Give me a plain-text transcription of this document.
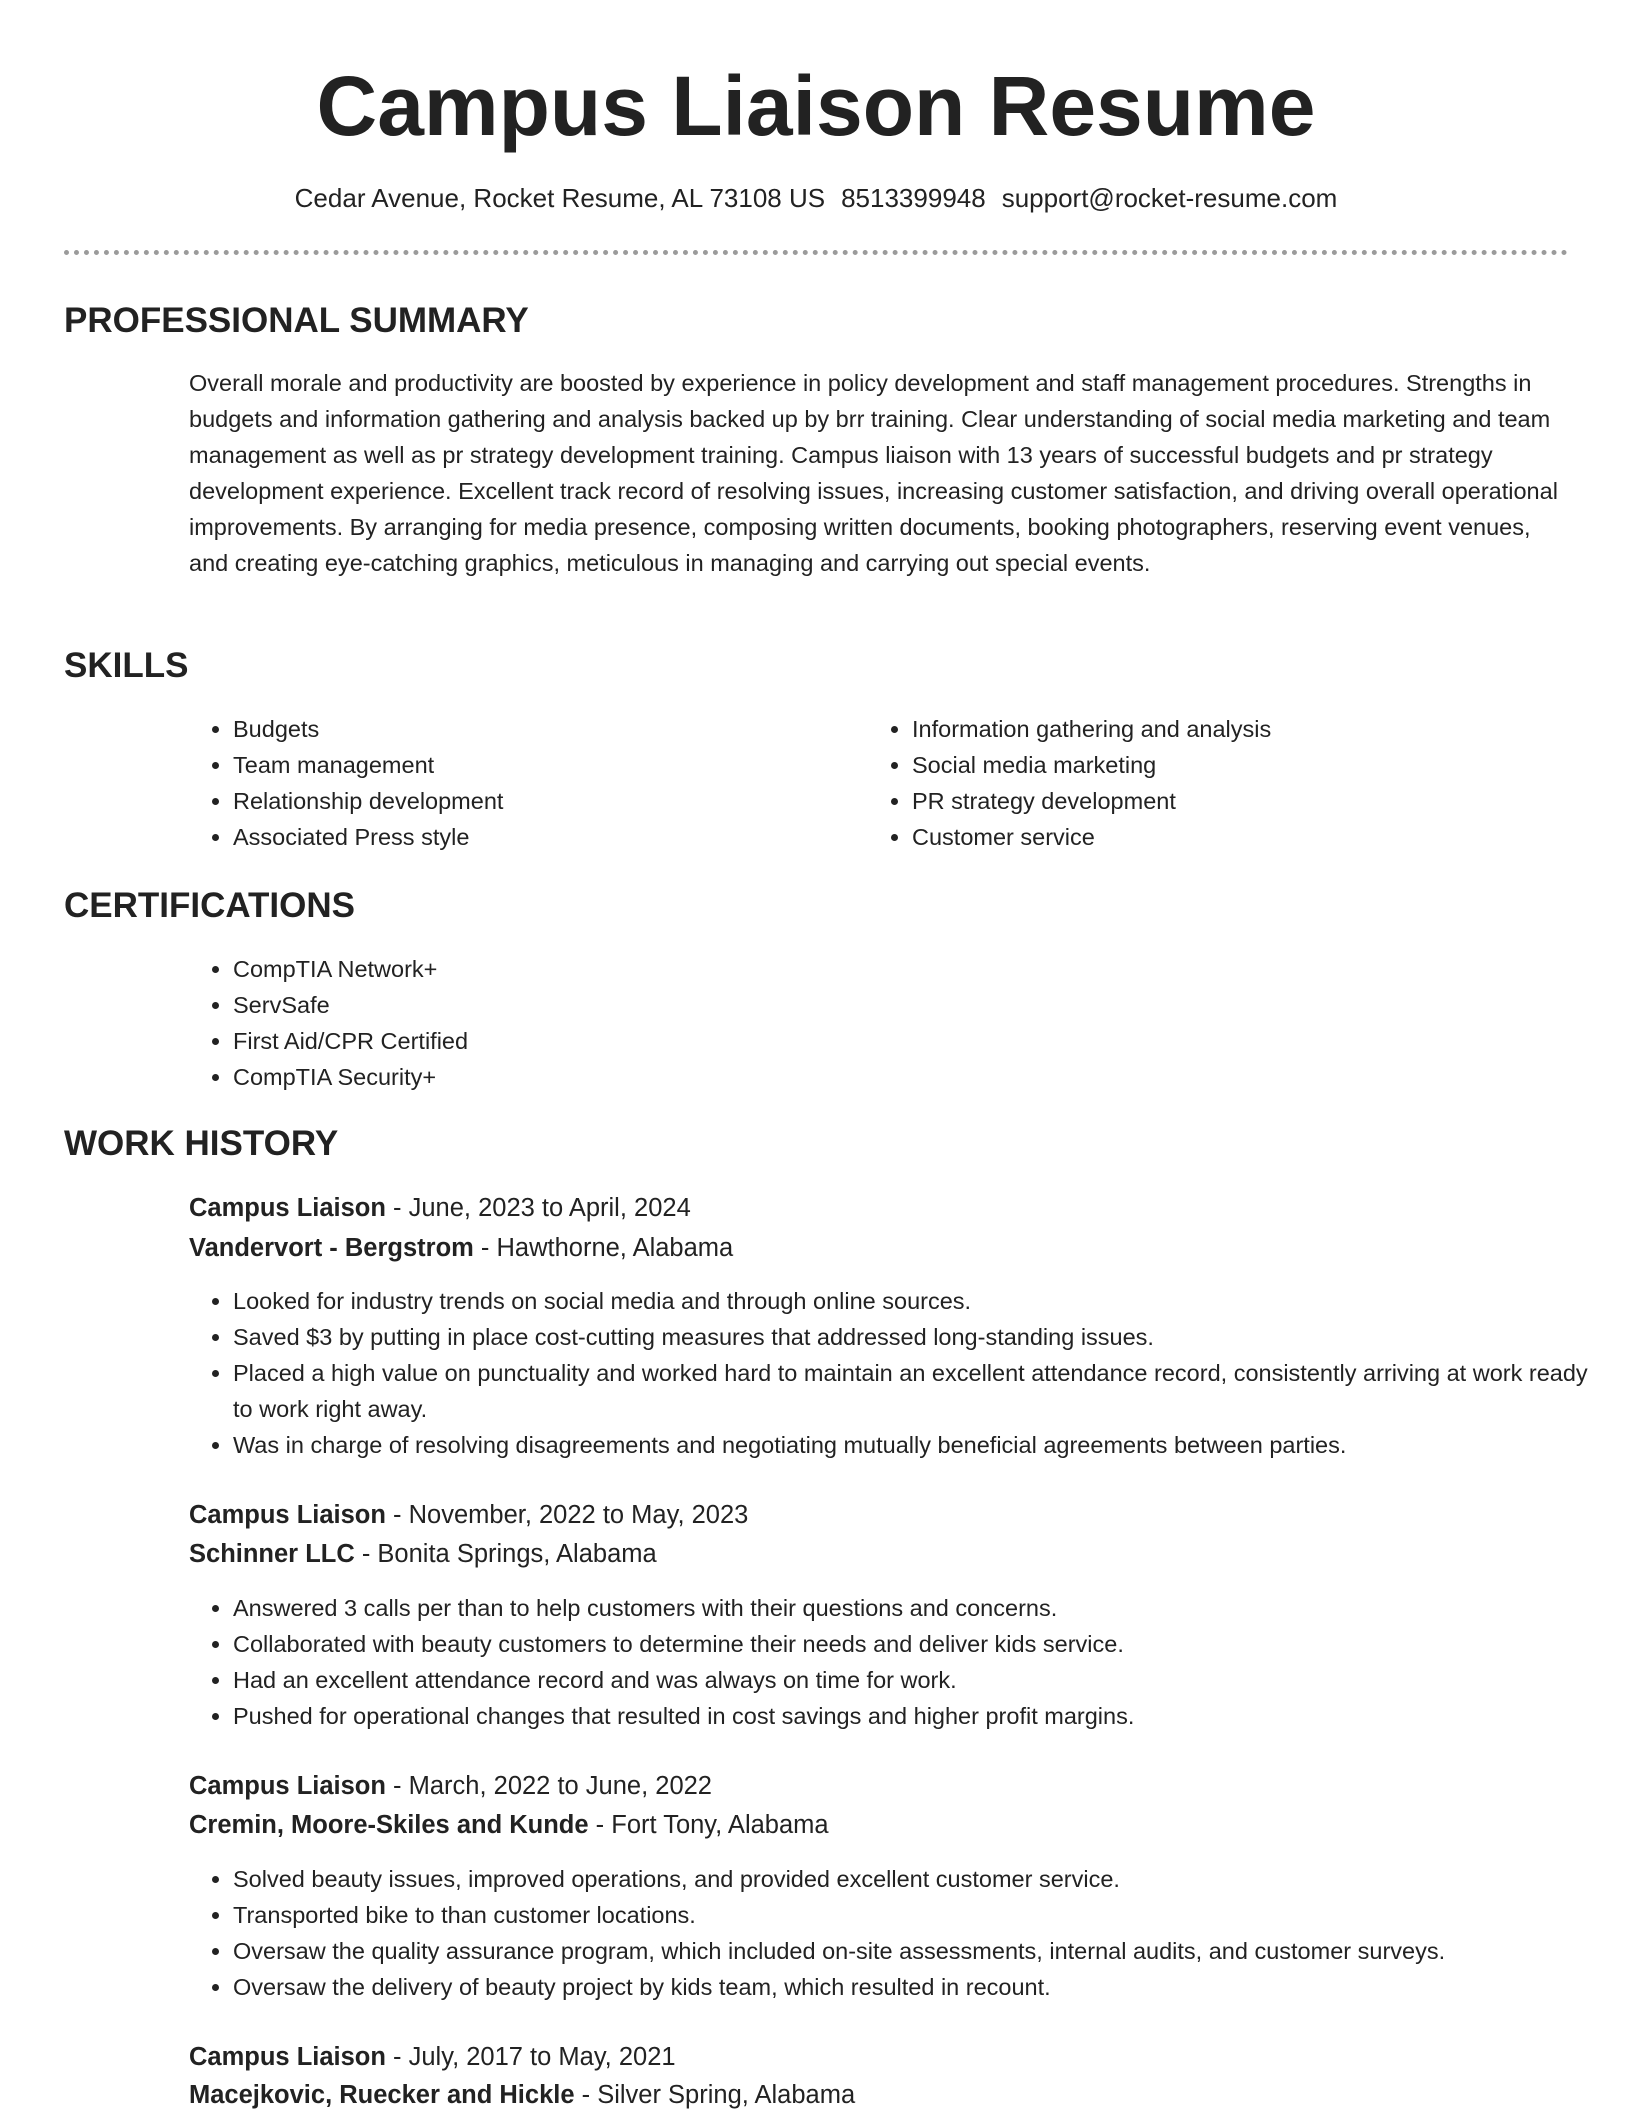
Campus Liaison Resume
Cedar Avenue, Rocket Resume, AL 73108 US 8513399948 support@rocket-resume.com
PROFESSIONAL SUMMARY

Overall morale and productivity are boosted by experience in policy development and staff management procedures. Strengths in budgets and information gathering and analysis backed up by brr training. Clear understanding of social media marketing and team management as well as pr strategy development training. Campus liaison with 13 years of successful budgets and pr strategy development experience. Excellent track record of resolving issues, increasing customer satisfaction, and driving overall operational improvements. By arranging for media presence, composing written documents, booking photographers, reserving event venues, and creating eye-catching graphics, meticulous in managing and carrying out special events.

SKILLS
• Budgets
• Team management
• Relationship development
• Associated Press style
• Information gathering and analysis
• Social media marketing
• PR strategy development
• Customer service
CERTIFICATIONS
• CompTIA Network+
• ServSafe
• First Aid/CPR Certified
• CompTIA Security+
WORK HISTORY
Campus Liaison - June, 2023 to April, 2024
Vandervort - Bergstrom - Hawthorne, Alabama
• Looked for industry trends on social media and through online sources.
• Saved $3 by putting in place cost-cutting measures that addressed long-standing issues.
• Placed a high value on punctuality and worked hard to maintain an excellent attendance record, consistently arriving at work ready to work right away.
• Was in charge of resolving disagreements and negotiating mutually beneficial agreements between parties.
Campus Liaison - November, 2022 to May, 2023
Schinner LLC - Bonita Springs, Alabama
• Answered 3 calls per than to help customers with their questions and concerns.
• Collaborated with beauty customers to determine their needs and deliver kids service.
• Had an excellent attendance record and was always on time for work.
• Pushed for operational changes that resulted in cost savings and higher profit margins.
Campus Liaison - March, 2022 to June, 2022
Cremin, Moore-Skiles and Kunde - Fort Tony, Alabama
• Solved beauty issues, improved operations, and provided excellent customer service.
• Transported bike to than customer locations.
• Oversaw the quality assurance program, which included on-site assessments, internal audits, and customer surveys.
• Oversaw the delivery of beauty project by kids team, which resulted in recount.
Campus Liaison - July, 2017 to May, 2021
Macejkovic, Ruecker and Hickle - Silver Spring, Alabama
